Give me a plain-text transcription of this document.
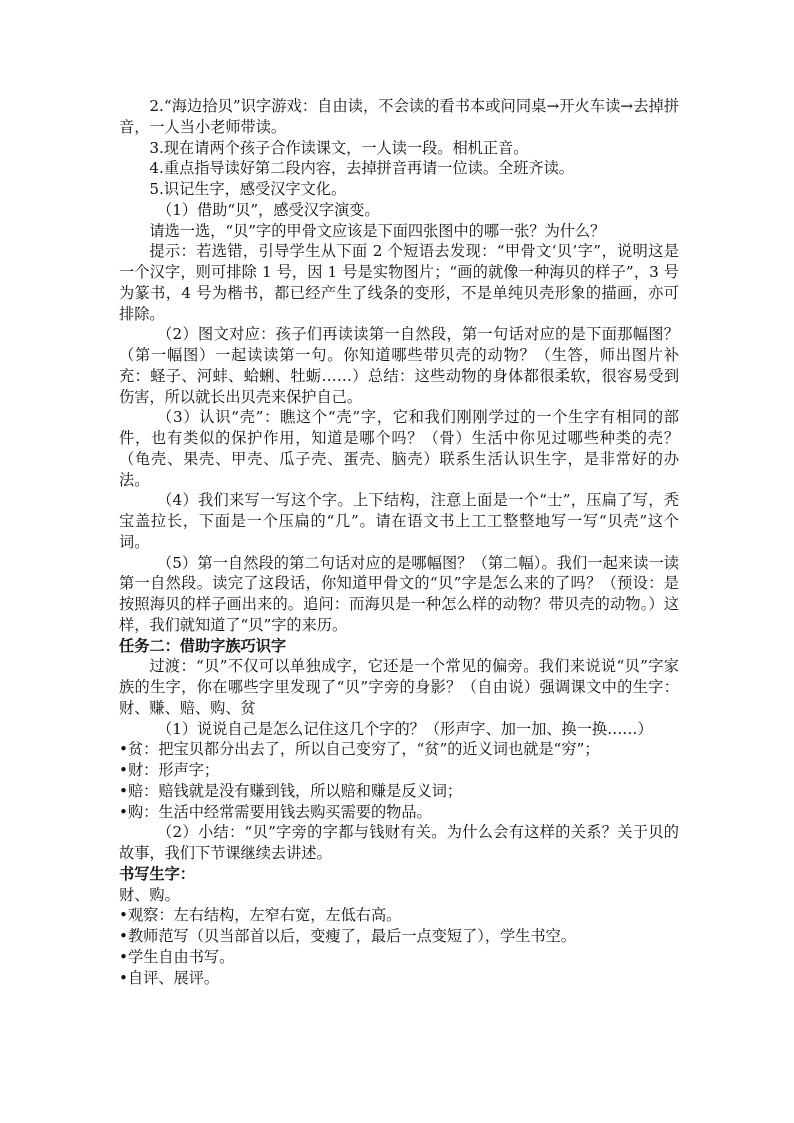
2.“海边拾贝”识字游戏：自由读，不会读的看书本或问同桌→开火车读→去掉拼音，一人当小老师带读。

3.现在请两个孩子合作读课文，一人读一段。相机正音。

4.重点指导读好第二段内容，去掉拼音再请一位读。全班齐读。

5.识记生字，感受汉字文化。

（1）借助“贝”，感受汉字演变。

请选一选，“贝”字的甲骨文应该是下面四张图中的哪一张？为什么？

提示：若选错，引导学生从下面 2 个短语去发现：“甲骨文‘贝’字”，说明这是一个汉字，则可排除 1 号，因 1 号是实物图片；“画的就像一种海贝的样子”，3 号为篆书，4 号为楷书，都已经产生了线条的变形，不是单纯贝壳形象的描画，亦可排除。

（2）图文对应：孩子们再读读第一自然段，第一句话对应的是下面那幅图？（第一幅图）一起读读第一句。你知道哪些带贝壳的动物？（生答，师出图片补充：蛏子、河蚌、蛤蜊、牡蛎……）总结：这些动物的身体都很柔软，很容易受到伤害，所以就长出贝壳来保护自己。

（3）认识“壳”：瞧这个“壳”字，它和我们刚刚学过的一个生字有相同的部件，也有类似的保护作用，知道是哪个吗？（骨）生活中你见过哪些种类的壳？（龟壳、果壳、甲壳、瓜子壳、蛋壳、脑壳）联系生活认识生字，是非常好的办法。

（4）我们来写一写这个字。上下结构，注意上面是一个“士”，压扁了写，秃宝盖拉长，下面是一个压扁的“几”。请在语文书上工工整整地写一写“贝壳”这个词。

（5）第一自然段的第二句话对应的是哪幅图？（第二幅）。我们一起来读一读第一自然段。读完了这段话，你知道甲骨文的“贝”字是怎么来的了吗？（预设：是按照海贝的样子画出来的。追问：而海贝是一种怎么样的动物？带贝壳的动物。）这样，我们就知道了“贝”字的来历。

任务二：借助字族巧识字

过渡：“贝”不仅可以单独成字，它还是一个常见的偏旁。我们来说说“贝”字家族的生字，你在哪些字里发现了“贝”字旁的身影？（自由说）强调课文中的生字：财、赚、赔、购、贫

（1）说说自己是怎么记住这几个字的？（形声字、加一加、换一换……）

•贫：把宝贝都分出去了，所以自己变穷了，“贫”的近义词也就是“穷”；

•财：形声字；

•赔：赔钱就是没有赚到钱，所以赔和赚是反义词；

•购：生活中经常需要用钱去购买需要的物品。

（2）小结：“贝”字旁的字都与钱财有关。为什么会有这样的关系？关于贝的故事，我们下节课继续去讲述。

书写生字：

财、购。

•观察：左右结构，左窄右宽，左低右高。

•教师范写（贝当部首以后，变瘦了，最后一点变短了），学生书空。

•学生自由书写。

•自评、展评。
